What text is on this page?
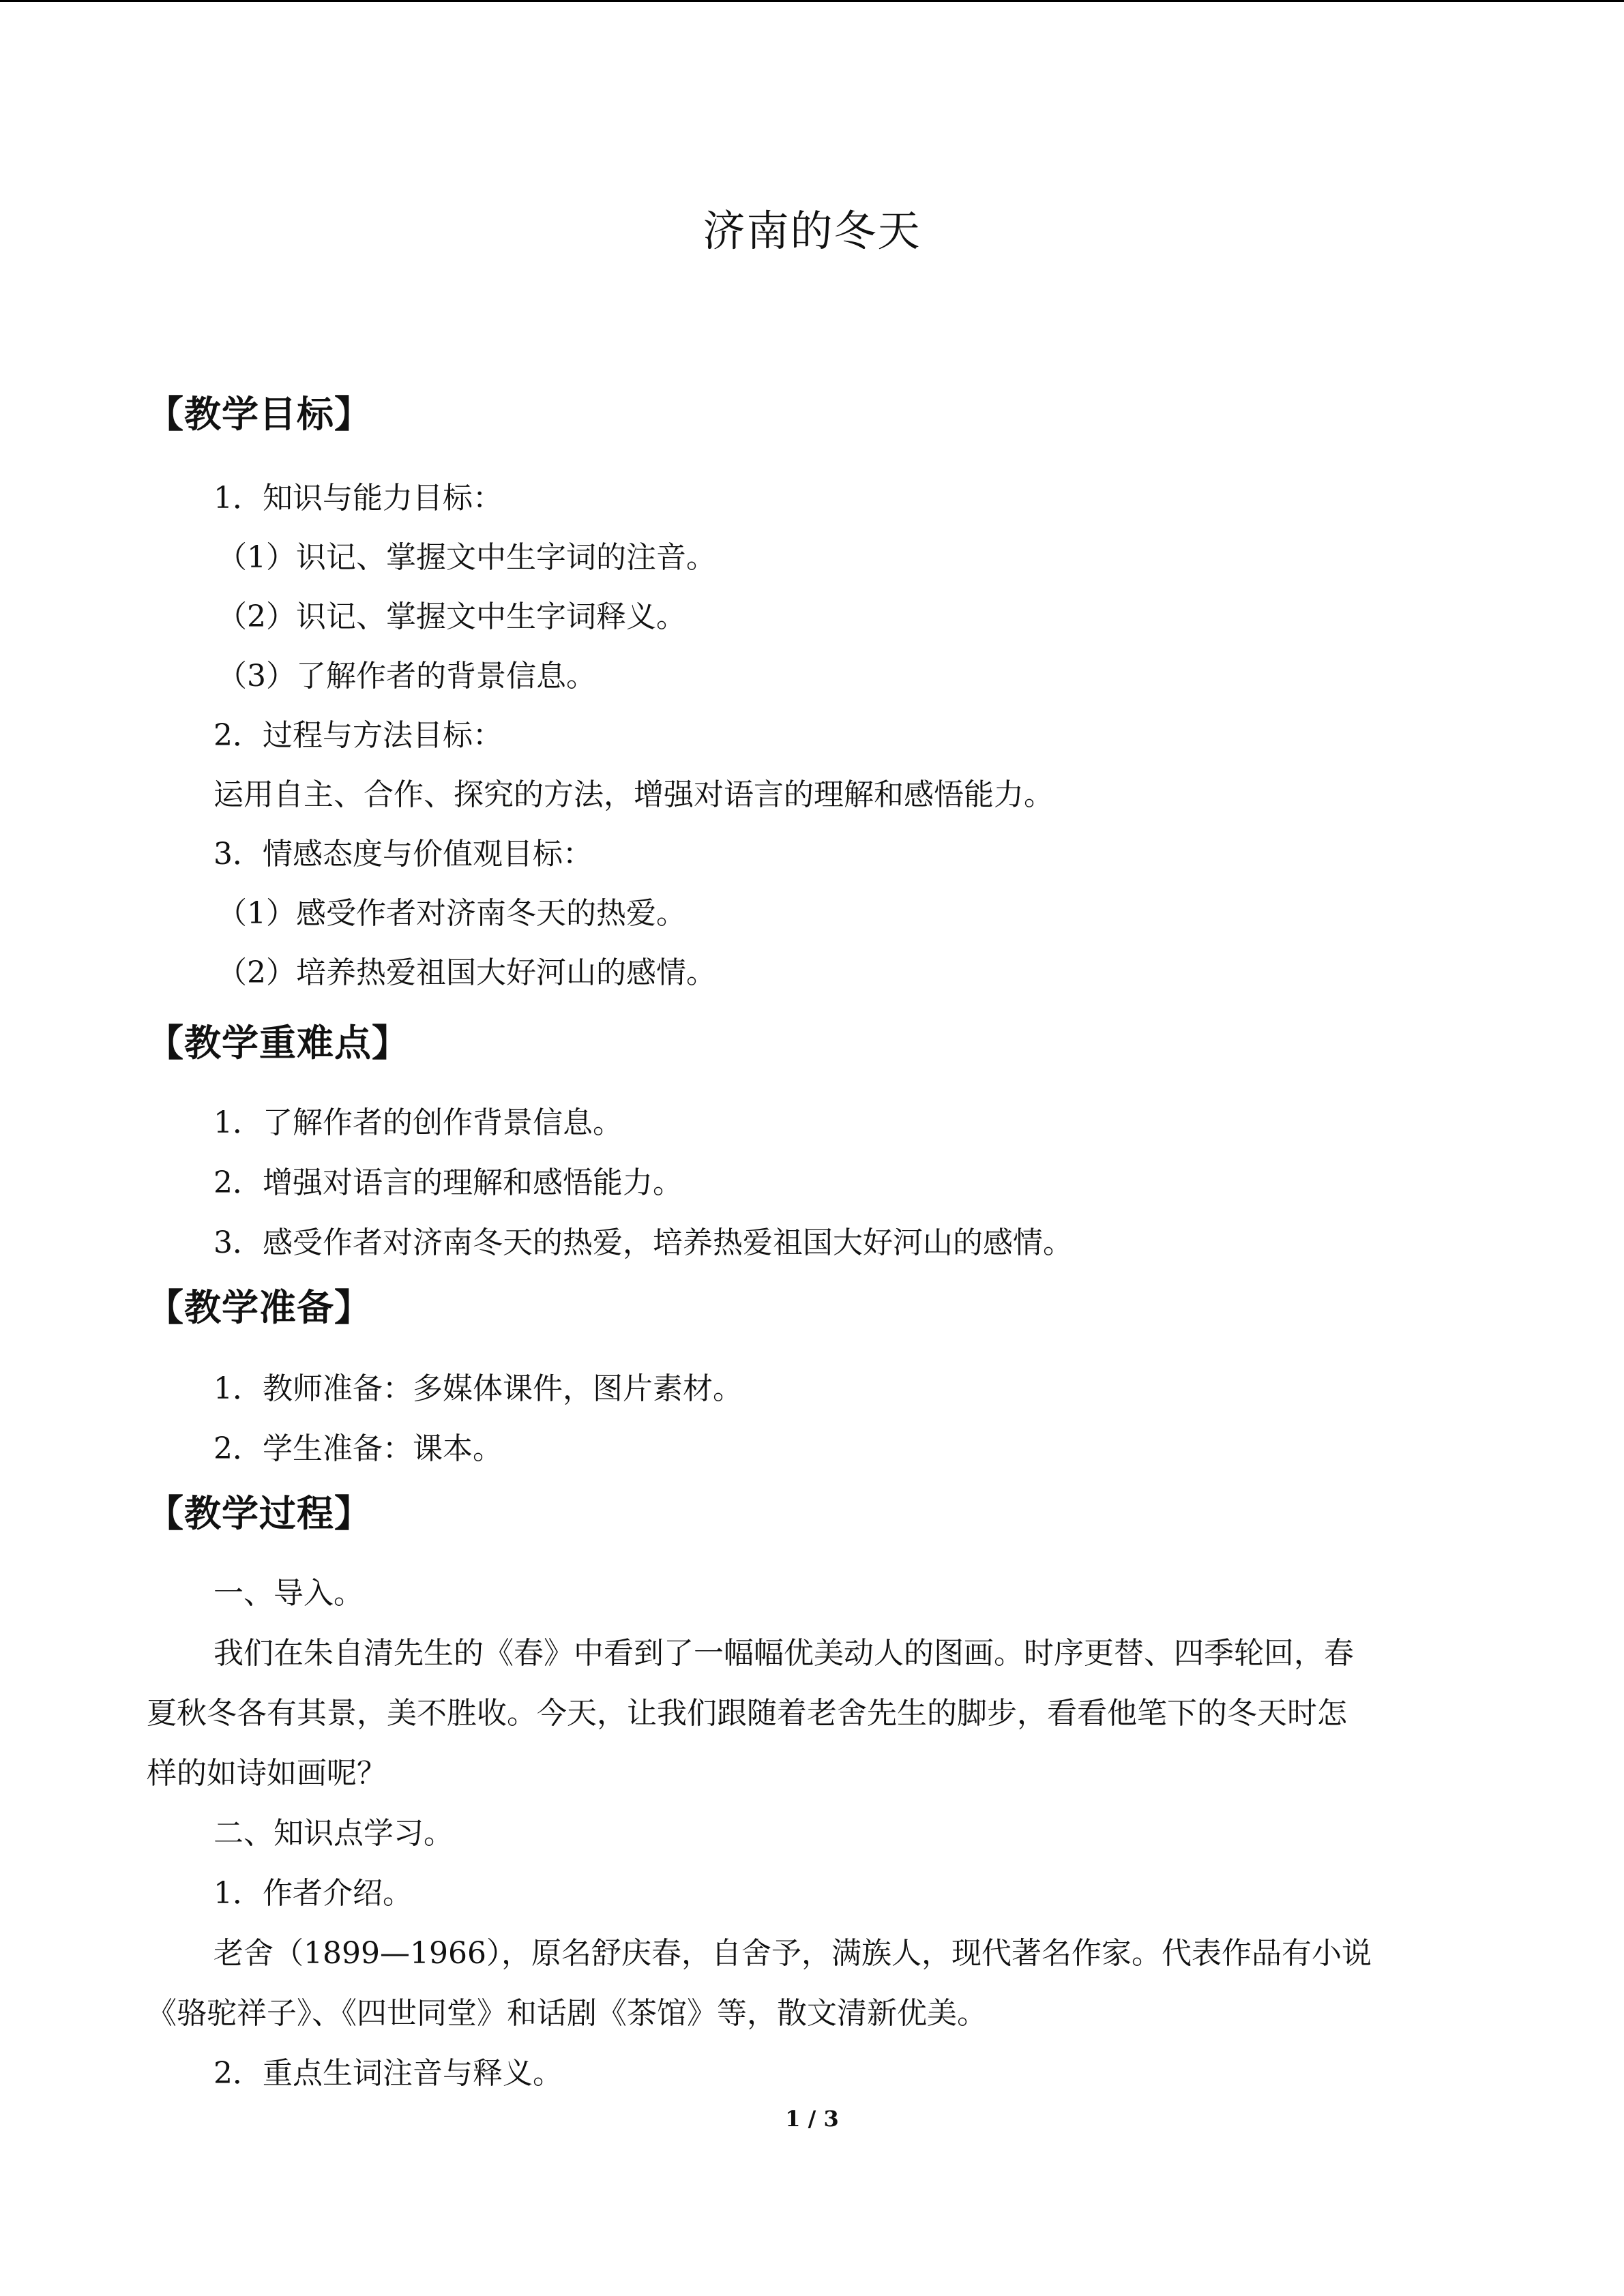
济南的冬天
【教学目标】

1．知识与能力目标：

（1）识记、掌握文中生字词的注音。

（2）识记、掌握文中生字词释义。

（3）了解作者的背景信息。

2．过程与方法目标：

运用自主、合作、探究的方法，增强对语言的理解和感悟能力。

3．情感态度与价值观目标：

（1）感受作者对济南冬天的热爱。

（2）培养热爱祖国大好河山的感情。

【教学重难点】

1．了解作者的创作背景信息。

2．增强对语言的理解和感悟能力。

3．感受作者对济南冬天的热爱，培养热爱祖国大好河山的感情。

【教学准备】

1．教师准备：多媒体课件，图片素材。

2．学生准备：课本。

【教学过程】

一、导入。

我们在朱自清先生的《春》中看到了一幅幅优美动人的图画。时序更替、四季轮回，春

夏秋冬各有其景，美不胜收。今天，让我们跟随着老舍先生的脚步，看看他笔下的冬天时怎

样的如诗如画呢？

二、知识点学习。

1．作者介绍。

老舍（1899—1966），原名舒庆春，自舍予，满族人，现代著名作家。代表作品有小说

《骆驼祥子》、《四世同堂》和话剧《茶馆》等，散文清新优美。

2．重点生词注音与释义。

1 / 3
